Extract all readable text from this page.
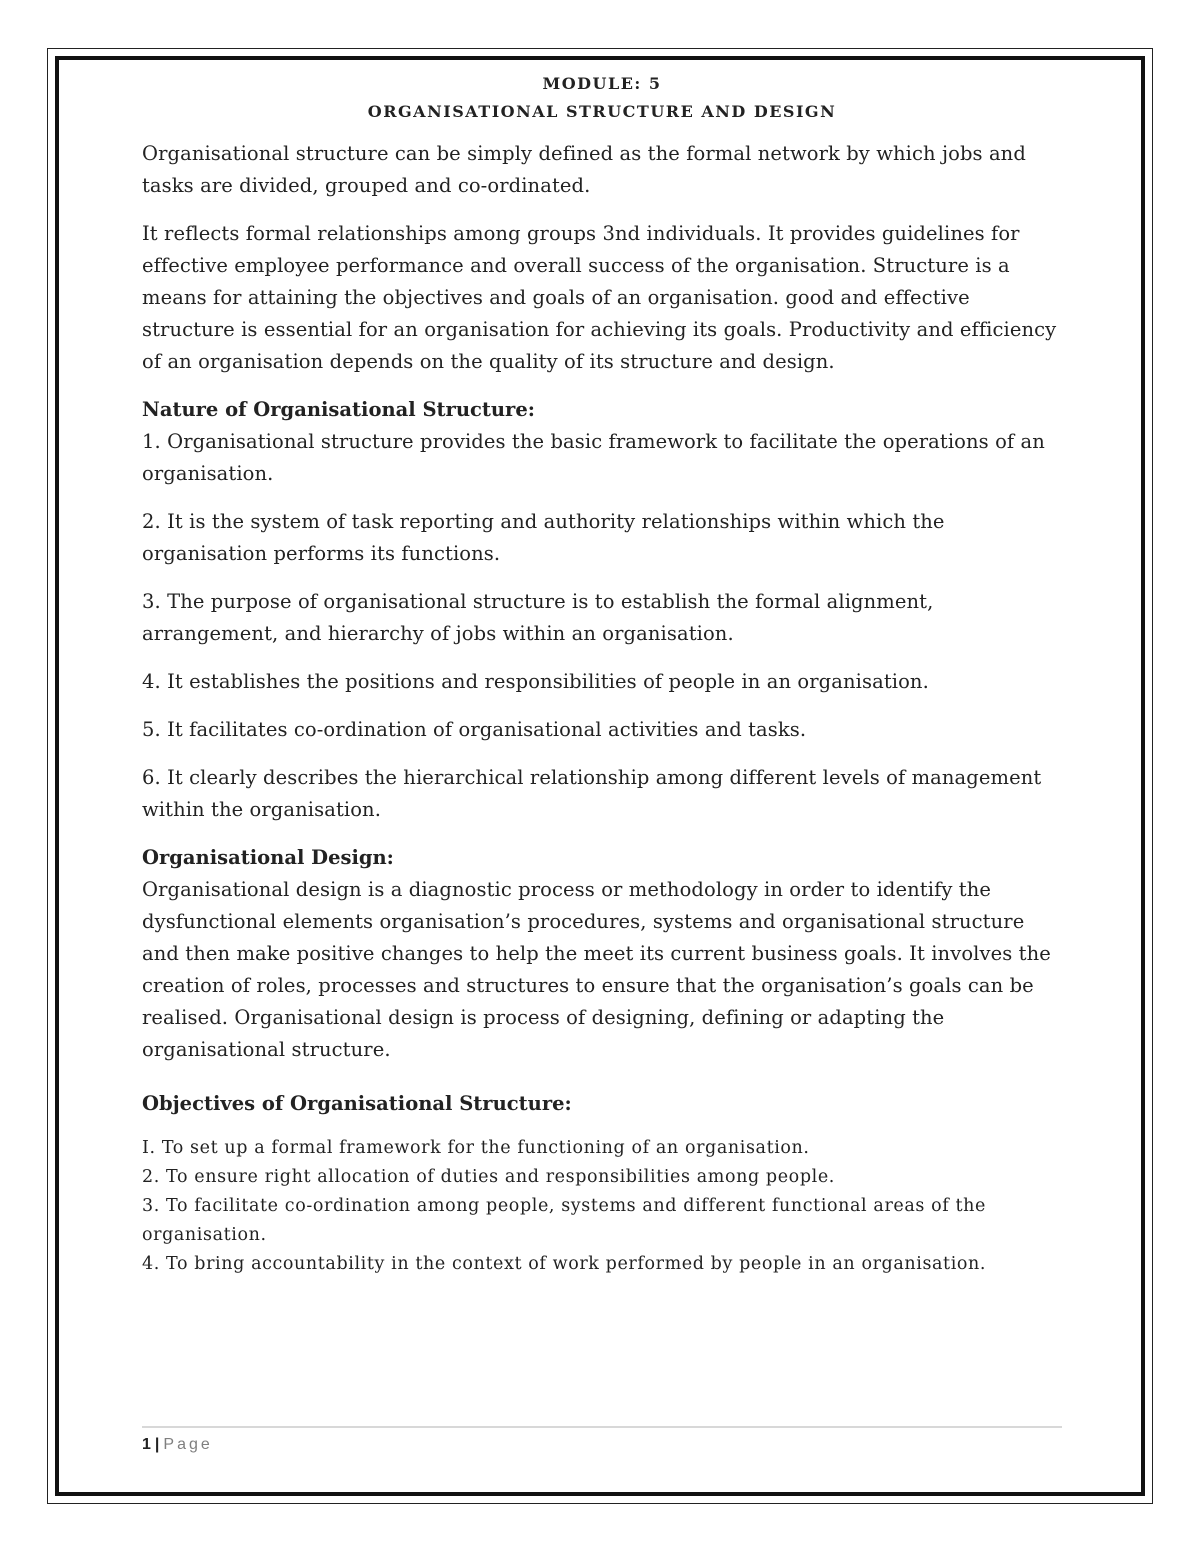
MODULE: 5

ORGANISATIONAL STRUCTURE AND DESIGN

Organisational structure can be simply defined as the formal network by which jobs and tasks are divided, grouped and co-ordinated.

It reflects formal relationships among groups 3nd individuals. It provides guidelines for effective employee performance and overall success of the organisation. Structure is a means for attaining the objectives and goals of an organisation. good and effective structure is essential for an organisation for achieving its goals. Productivity and efficiency of an organisation depends on the quality of its structure and design.

Nature of Organisational Structure:

1. Organisational structure provides the basic framework to facilitate the operations of an organisation.

2. It is the system of task reporting and authority relationships within which the organisation performs its functions.

3. The purpose of organisational structure is to establish the formal alignment, arrangement, and hierarchy of jobs within an organisation.

4. It establishes the positions and responsibilities of people in an organisation.

5. It facilitates co-ordination of organisational activities and tasks.

6. It clearly describes the hierarchical relationship among different levels of management within the organisation.

Organisational Design:

Organisational design is a diagnostic process or methodology in order to identify the dysfunctional elements organisation’s procedures, systems and organisational structure and then make positive changes to help the meet its current business goals. It involves the creation of roles, processes and structures to ensure that the organisation’s goals can be realised. Organisational design is process of designing, defining or adapting the organisational structure.

Objectives of Organisational Structure:

I. To set up a formal framework for the functioning of an organisation.

2. To ensure right allocation of duties and responsibilities among people.

3. To facilitate co-ordination among people, systems and different functional areas of the organisation.

4. To bring accountability in the context of work performed by people in an organisation.

1 | Page
